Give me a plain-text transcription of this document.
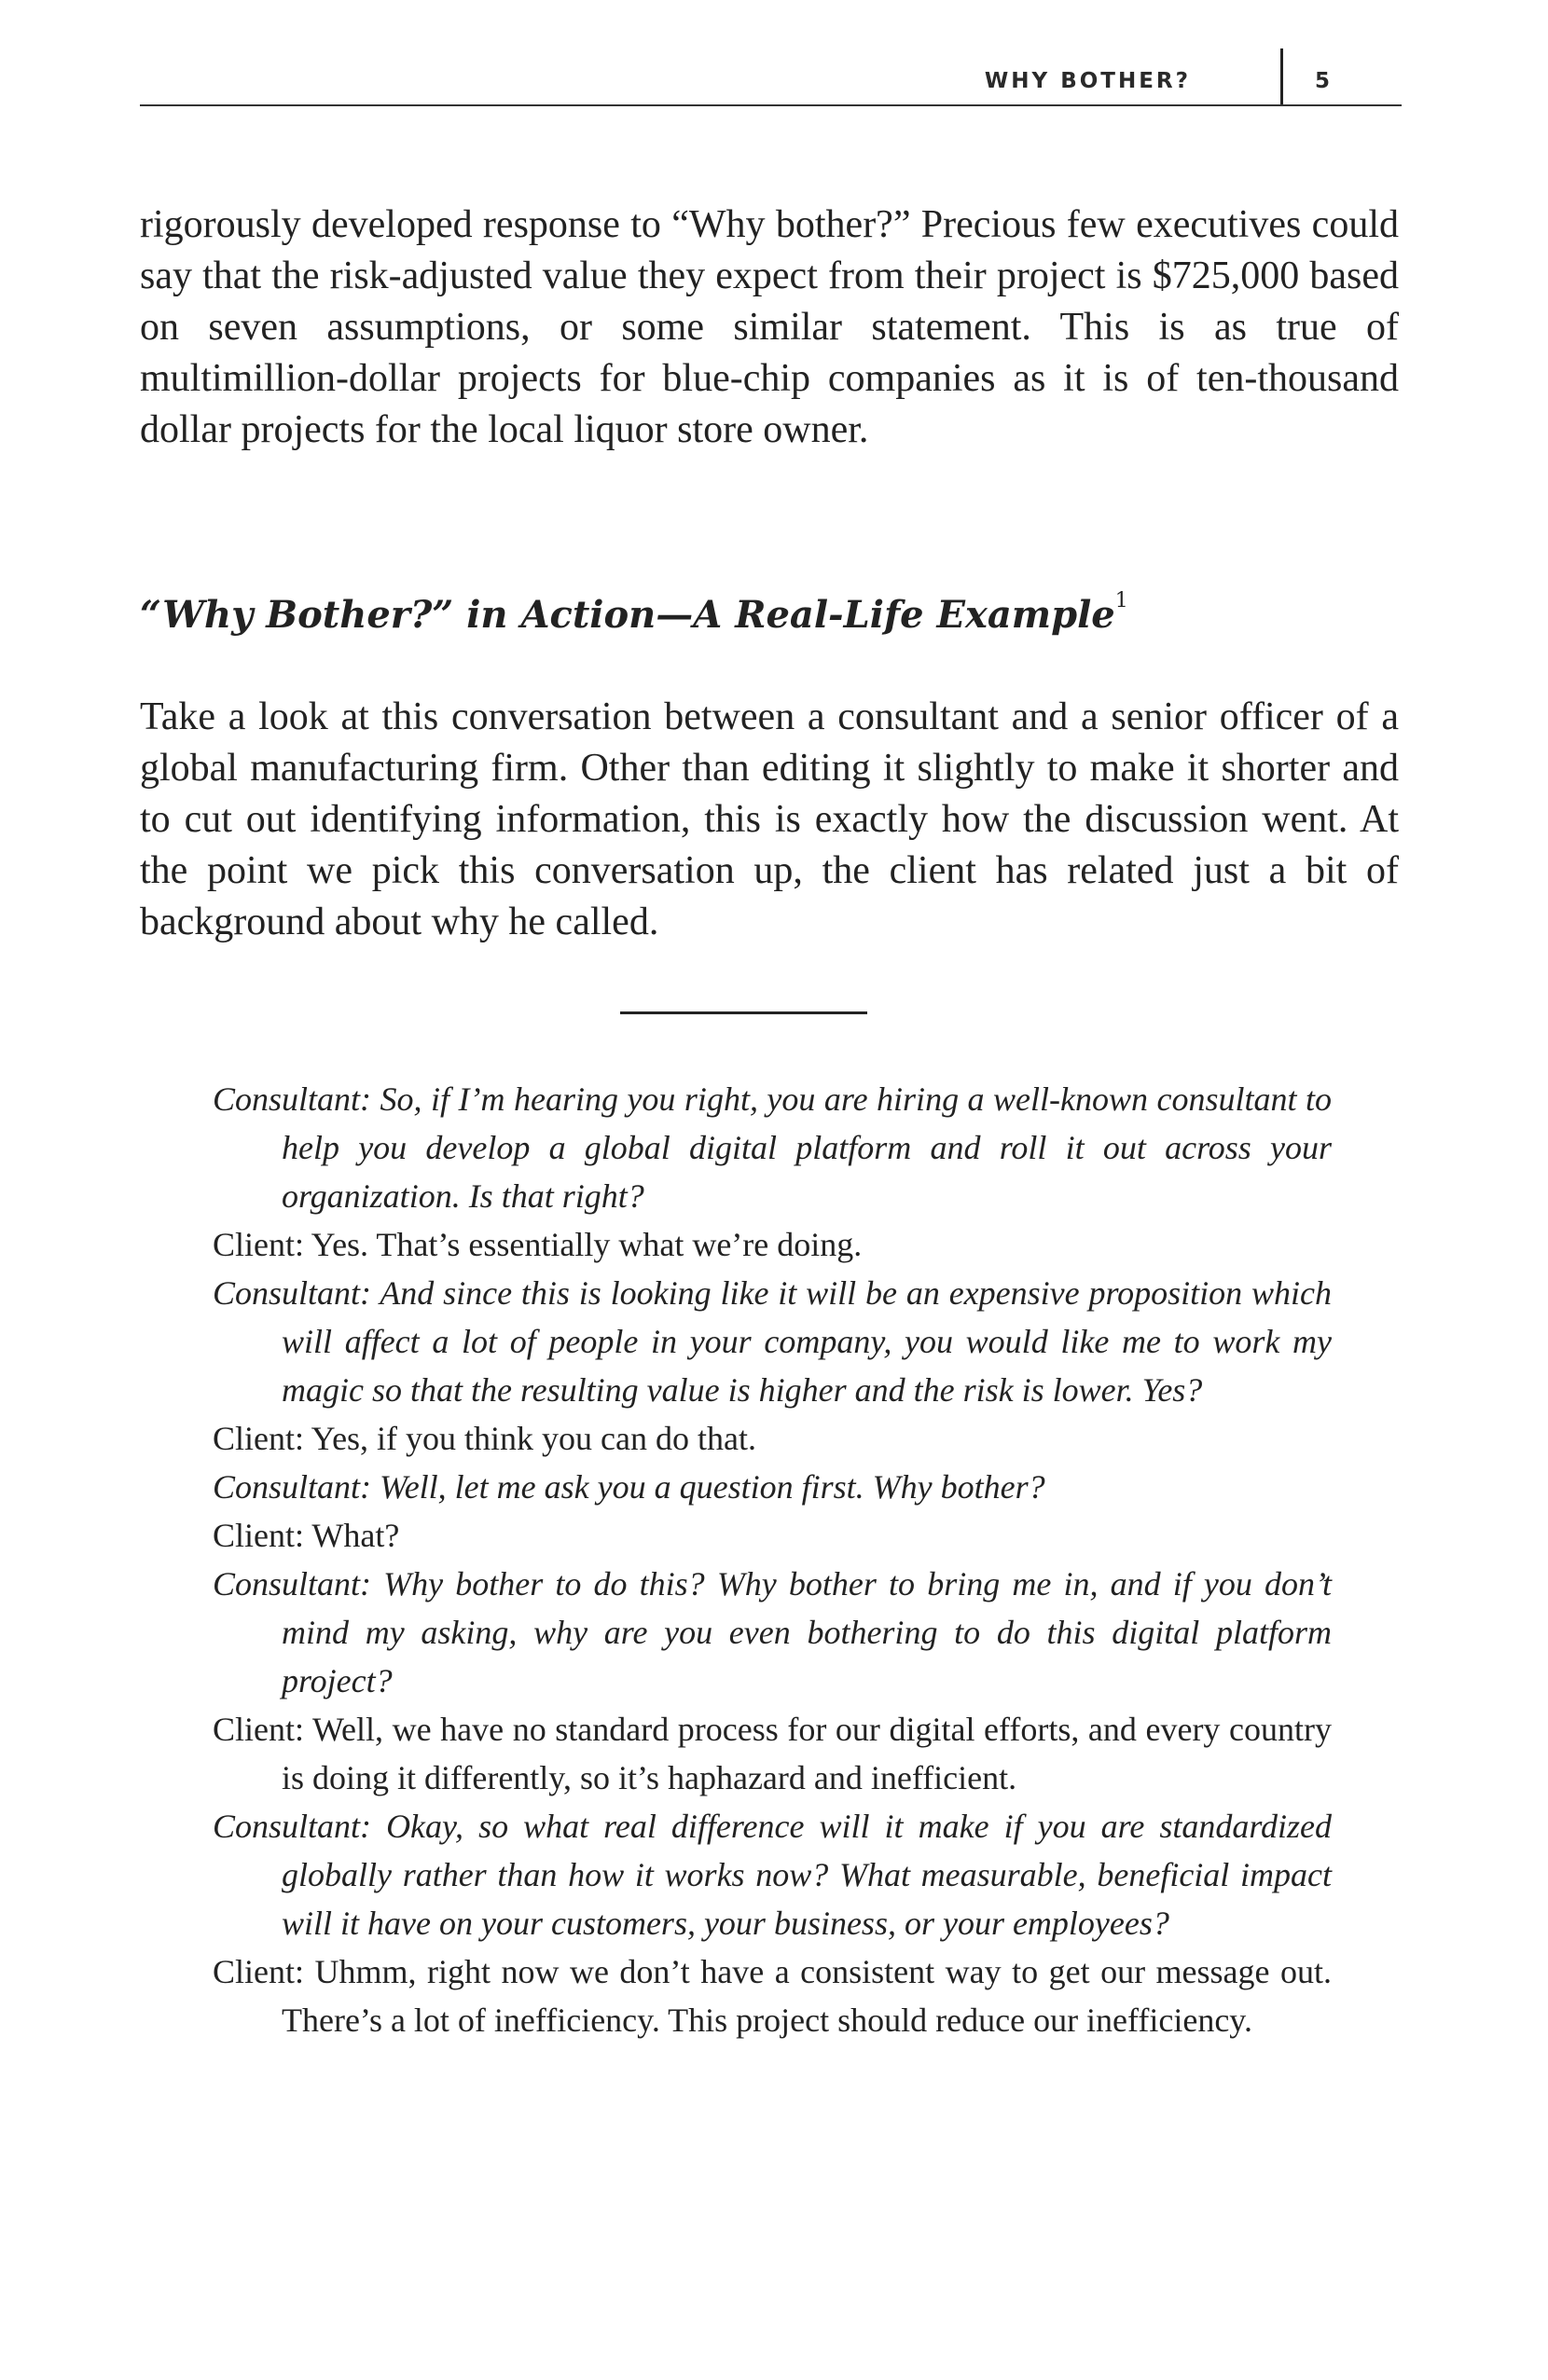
WHY BOTHER?	5

rigorously developed response to “Why bother?” Precious few executives could say that the risk-adjusted value they expect from their project is $725,000 based on seven assumptions, or some similar statement. This is as true of multimillion-dollar projects for blue-chip companies as it is of ten-thousand dollar projects for the local liquor store owner.

“Why Bother?” in Action—A Real-Life Example$^1$

Take a look at this conversation between a consultant and a senior officer of a global manufacturing firm. Other than editing it slightly to make it shorter and to cut out identifying information, this is exactly how the discussion went. At the point we pick this conversation up, the client has related just a bit of background about why he called.

Consultant: So, if I’m hearing you right, you are hiring a well-known consultant to help you develop a global digital platform and roll it out across your organization. Is that right?

Client: Yes. That’s essentially what we’re doing.

Consultant: And since this is looking like it will be an expensive proposition which will affect a lot of people in your company, you would like me to work my magic so that the resulting value is higher and the risk is lower. Yes?

Client: Yes, if you think you can do that.

Consultant: Well, let me ask you a question first. Why bother?

Client: What?

Consultant: Why bother to do this? Why bother to bring me in, and if you don’t mind my asking, why are you even bothering to do this digital platform project?

Client: Well, we have no standard process for our digital efforts, and every country is doing it differently, so it’s haphazard and inefficient.

Consultant: Okay, so what real difference will it make if you are standardized globally rather than how it works now? What measurable, beneficial impact will it have on your customers, your business, or your employees?

Client: Uhmm, right now we don’t have a consistent way to get our message out. There’s a lot of inefficiency. This project should reduce our inefficiency.
